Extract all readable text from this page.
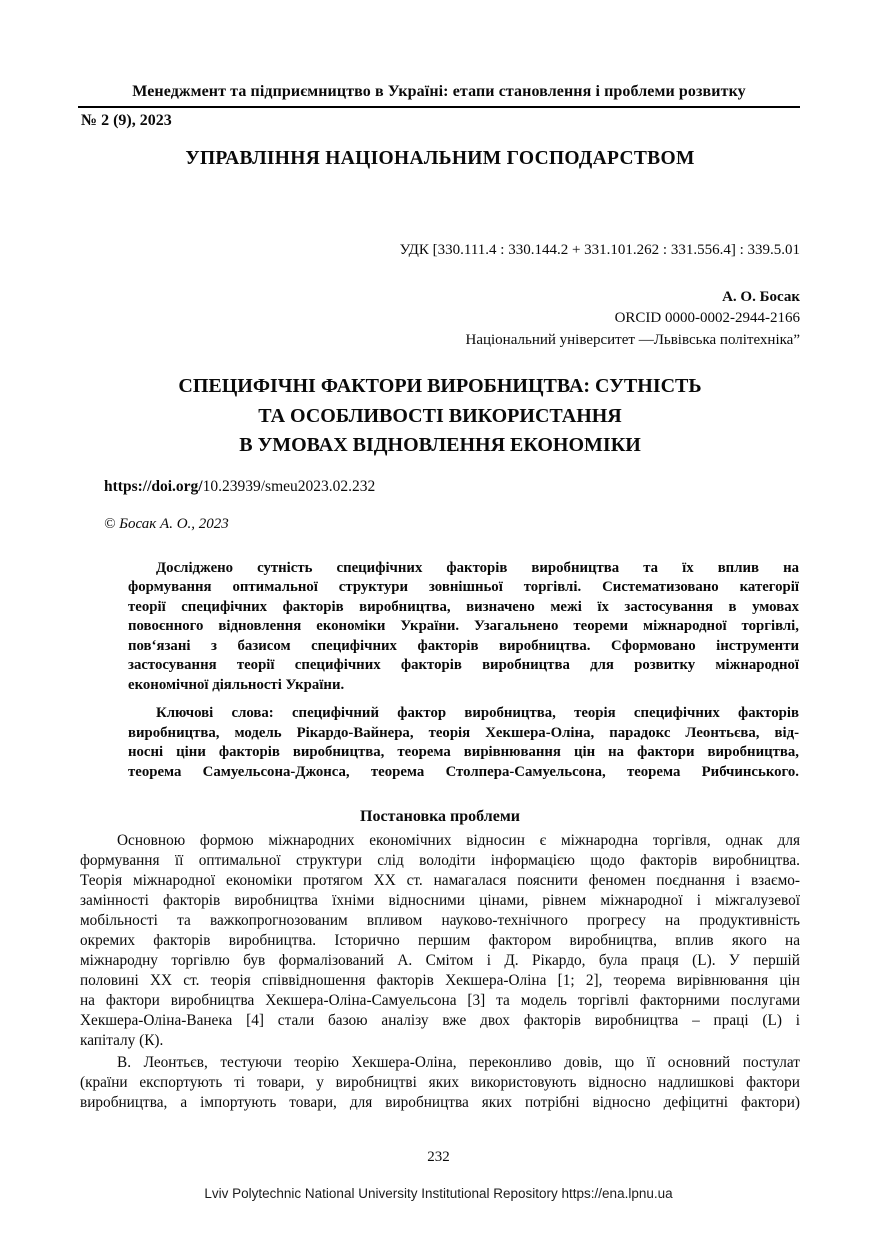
Менеджмент та підприємництво в Україні: етапи становлення і проблеми розвитку
№ 2 (9), 2023
УПРАВЛІННЯ НАЦІОНАЛЬНИМ ГОСПОДАРСТВОМ
УДК [330.111.4 : 330.144.2 + 331.101.262 : 331.556.4] : 339.5.01
А. О. Босак
ORCID 0000-0002-2944-2166
Національний університет —Львівська політехніка”
СПЕЦИФІЧНІ ФАКТОРИ ВИРОБНИЦТВА: СУТНІСТЬ
ТА ОСОБЛИВОСТІ ВИКОРИСТАННЯ
В УМОВАХ ВІДНОВЛЕННЯ ЕКОНОМІКИ
https://doi.org/10.23939/smeu2023.02.232
© Босак А. О., 2023
Досліджено сутність специфічних факторів виробництва та їх вплив на
формування оптимальної структури зовнішньої торгівлі. Систематизовано категорії
теорії специфічних факторів виробництва, визначено межі їх застосування в умовах
повоєнного відновлення економіки України. Узагальнено теореми міжнародної торгівлі,
пов‘язані з базисом специфічних факторів виробництва. Сформовано інструменти
застосування теорії специфічних факторів виробництва для розвитку міжнародної
економічної діяльності України.
Ключові слова: специфічний фактор виробництва, теорія специфічних факторів
виробництва, модель Рікардо-Вайнера, теорія Хекшера-Оліна, парадокс Леонтьєва, від-
носні ціни факторів виробництва, теорема вирівнювання цін на фактори виробництва,
теорема Самуельсона-Джонса, теорема Столпера-Самуельсона, теорема Рибчинського.
Постановка проблеми
Основною формою міжнародних економічних відносин є міжнародна торгівля, однак для
формування її оптимальної структури слід володіти інформацією щодо факторів виробництва.
Теорія міжнародної економіки протягом ХХ ст. намагалася пояснити феномен поєднання і взаємо-
замінності факторів виробництва їхніми відносними цінами, рівнем міжнародної і міжгалузевої
мобільності та важкопрогнозованим впливом науково-технічного прогресу на продуктивність
окремих факторів виробництва. Історично першим фактором виробництва, вплив якого на
міжнародну торгівлю був формалізований А. Смітом і Д. Рікардо, була праця (L). У першій
половині ХХ ст. теорія співвідношення факторів Хекшера-Оліна [1; 2], теорема вирівнювання цін
на фактори виробництва Хекшера-Оліна-Самуельсона [3] та модель торгівлі факторними послугами
Хекшера-Оліна-Ванека [4] стали базою аналізу вже двох факторів виробництва – праці (L) і
капіталу (К).
В. Леонтьєв, тестуючи теорію Хекшера-Оліна, переконливо довів, що її основний постулат
(країни експортують ті товари, у виробництві яких використовують відносно надлишкові фактори
виробництва, а імпортують товари, для виробництва яких потрібні відносно дефіцитні фактори)
232
Lviv Polytechnic National University Institutional Repository https://ena.lpnu.ua
